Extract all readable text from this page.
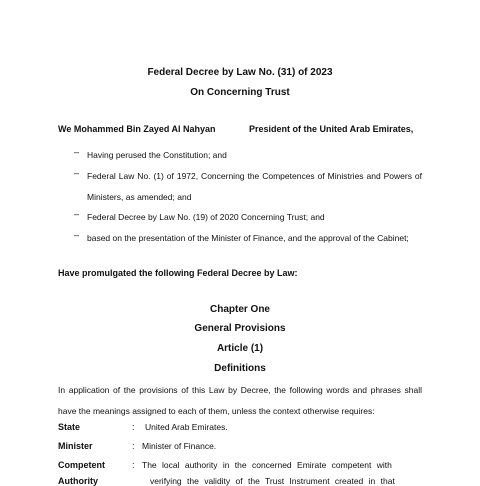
Federal Decree by Law No. (31) of 2023
On Concerning Trust
We Mohammed Bin Zayed Al Nahyan	President of the United Arab Emirates,
– Having perused the Constitution; and
– Federal Law No. (1) of 1972, Concerning the Competences of Ministries and Powers of Ministers, as amended; and
– Federal Decree by Law No. (19) of 2020 Concerning Trust; and
– based on the presentation of the Minister of Finance, and the approval of the Cabinet;
Have promulgated the following Federal Decree by Law:
Chapter One
General Provisions
Article (1)
Definitions
In application of the provisions of this Law by Decree, the following words and phrases shall have the meanings assigned to each of them, unless the context otherwise requires:
State	: United Arab Emirates.
Minister	: Minister of Finance.
Competent	: The local authority in the concerned Emirate competent with
Authority	verifying the validity of the Trust Instrument created in that
